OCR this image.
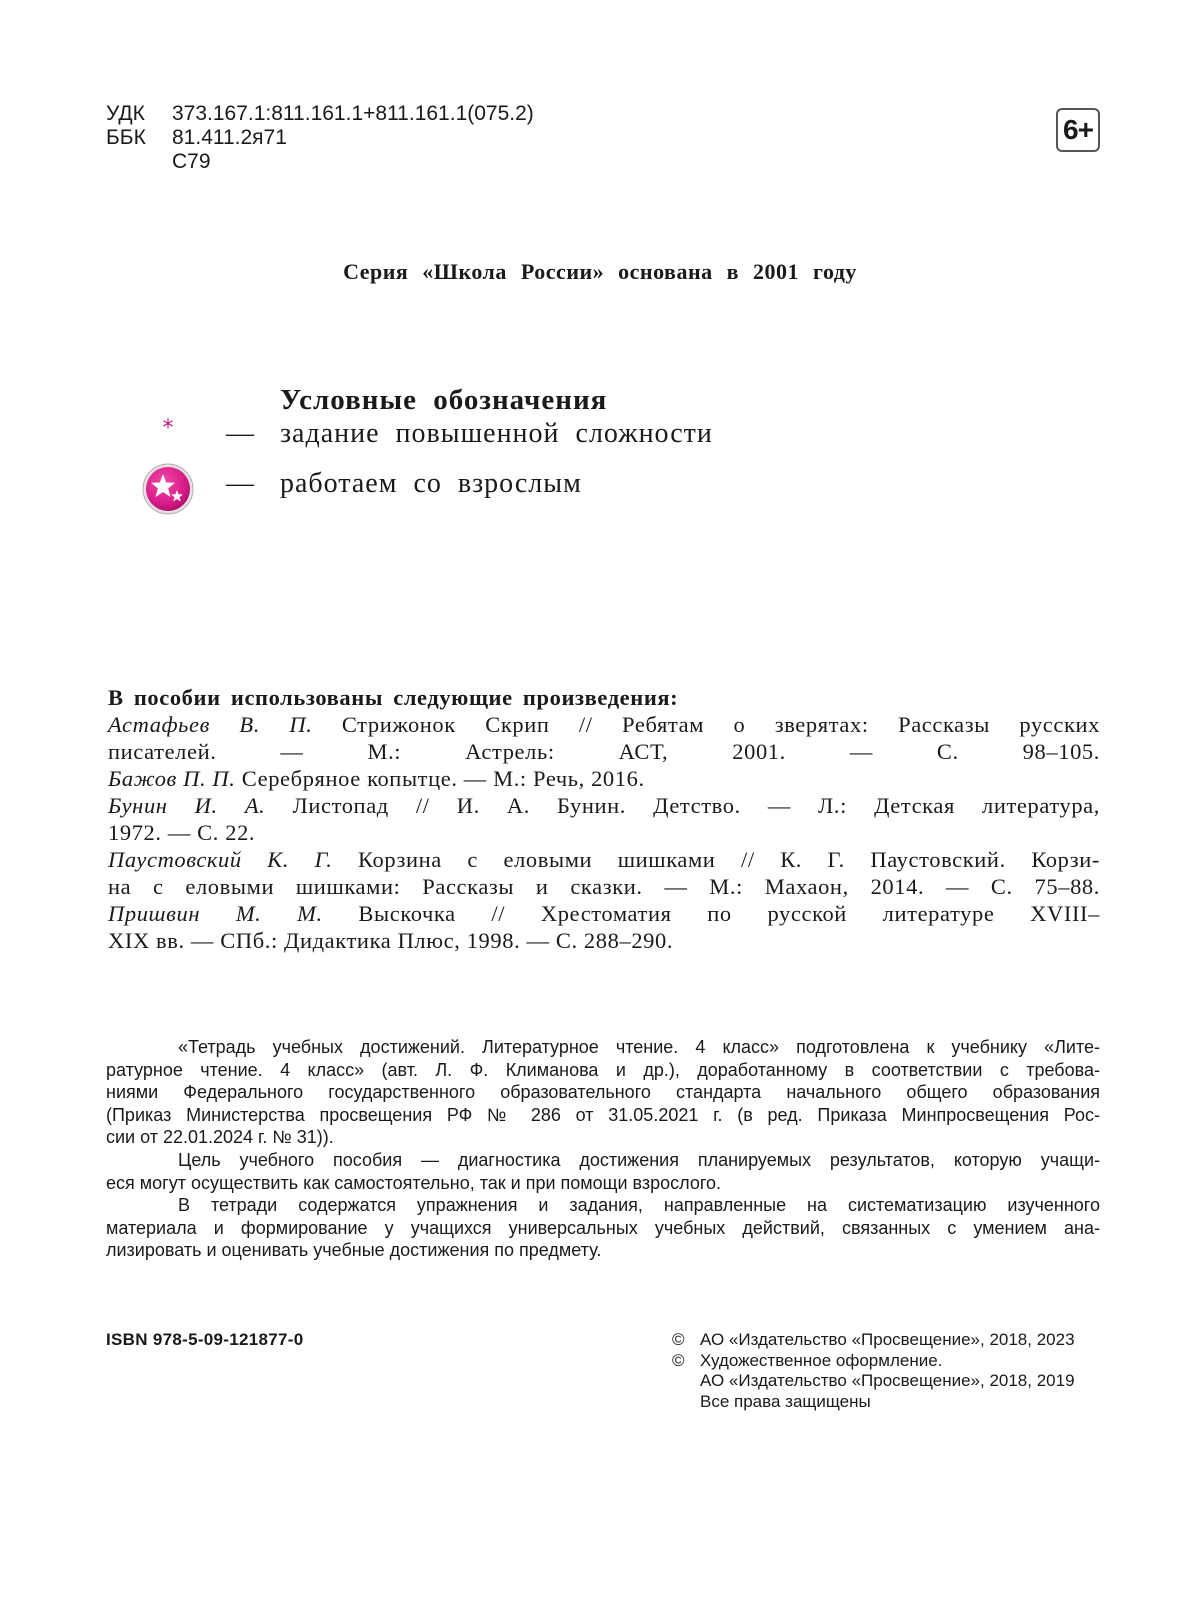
УДК	373.167.1:811.161.1+811.161.1(075.2)
ББК	81.411.2я71
С79
6+
Серия «Школа России» основана в 2001 году
Условные обозначения
*	— задание повышенной сложности
— работаем со взрослым
В пособии использованы следующие произведения:
Астафьев В. П. Стрижонок Скрип // Ребятам о зверятах: Рассказы русских
писателей. — М.: Астрель: АСТ, 2001. — С. 98–105.
Бажов П. П. Серебряное копытце. — М.: Речь, 2016.
Бунин И. А. Листопад // И. А. Бунин. Детство. — Л.: Детская литература,
1972. — С. 22.
Паустовский К. Г. Корзина с еловыми шишками // К. Г. Паустовский. Корзи-
на с еловыми шишками: Рассказы и сказки. — М.: Махаон, 2014. — С. 75–88.
Пришвин М. М. Выскочка // Хрестоматия по русской литературе XVIII–
XIX вв. — СПб.: Дидактика Плюс, 1998. — С. 288–290.
«Тетрадь учебных достижений. Литературное чтение. 4 класс» подготовлена к учебнику «Лите-
ратурное чтение. 4 класс» (авт. Л. Ф. Климанова и др.), доработанному в соответствии с требова-
ниями Федерального государственного образовательного стандарта начального общего образования
(Приказ Министерства просвещения РФ № 286 от 31.05.2021 г. (в ред. Приказа Минпросвещения Рос-
сии от 22.01.2024 г. № 31)).
Цель учебного пособия — диагностика достижения планируемых результатов, которую учащи-
еся могут осуществить как самостоятельно, так и при помощи взрослого.
В тетради содержатся упражнения и задания, направленные на систематизацию изученного
материала и формирование у учащихся универсальных учебных действий, связанных с умением ана-
лизировать и оценивать учебные достижения по предмету.
ISBN 978-5-09-121877-0	© АО «Издательство «Просвещение», 2018, 2023
© Художественное оформление.
АО «Издательство «Просвещение», 2018, 2019
Все права защищены
